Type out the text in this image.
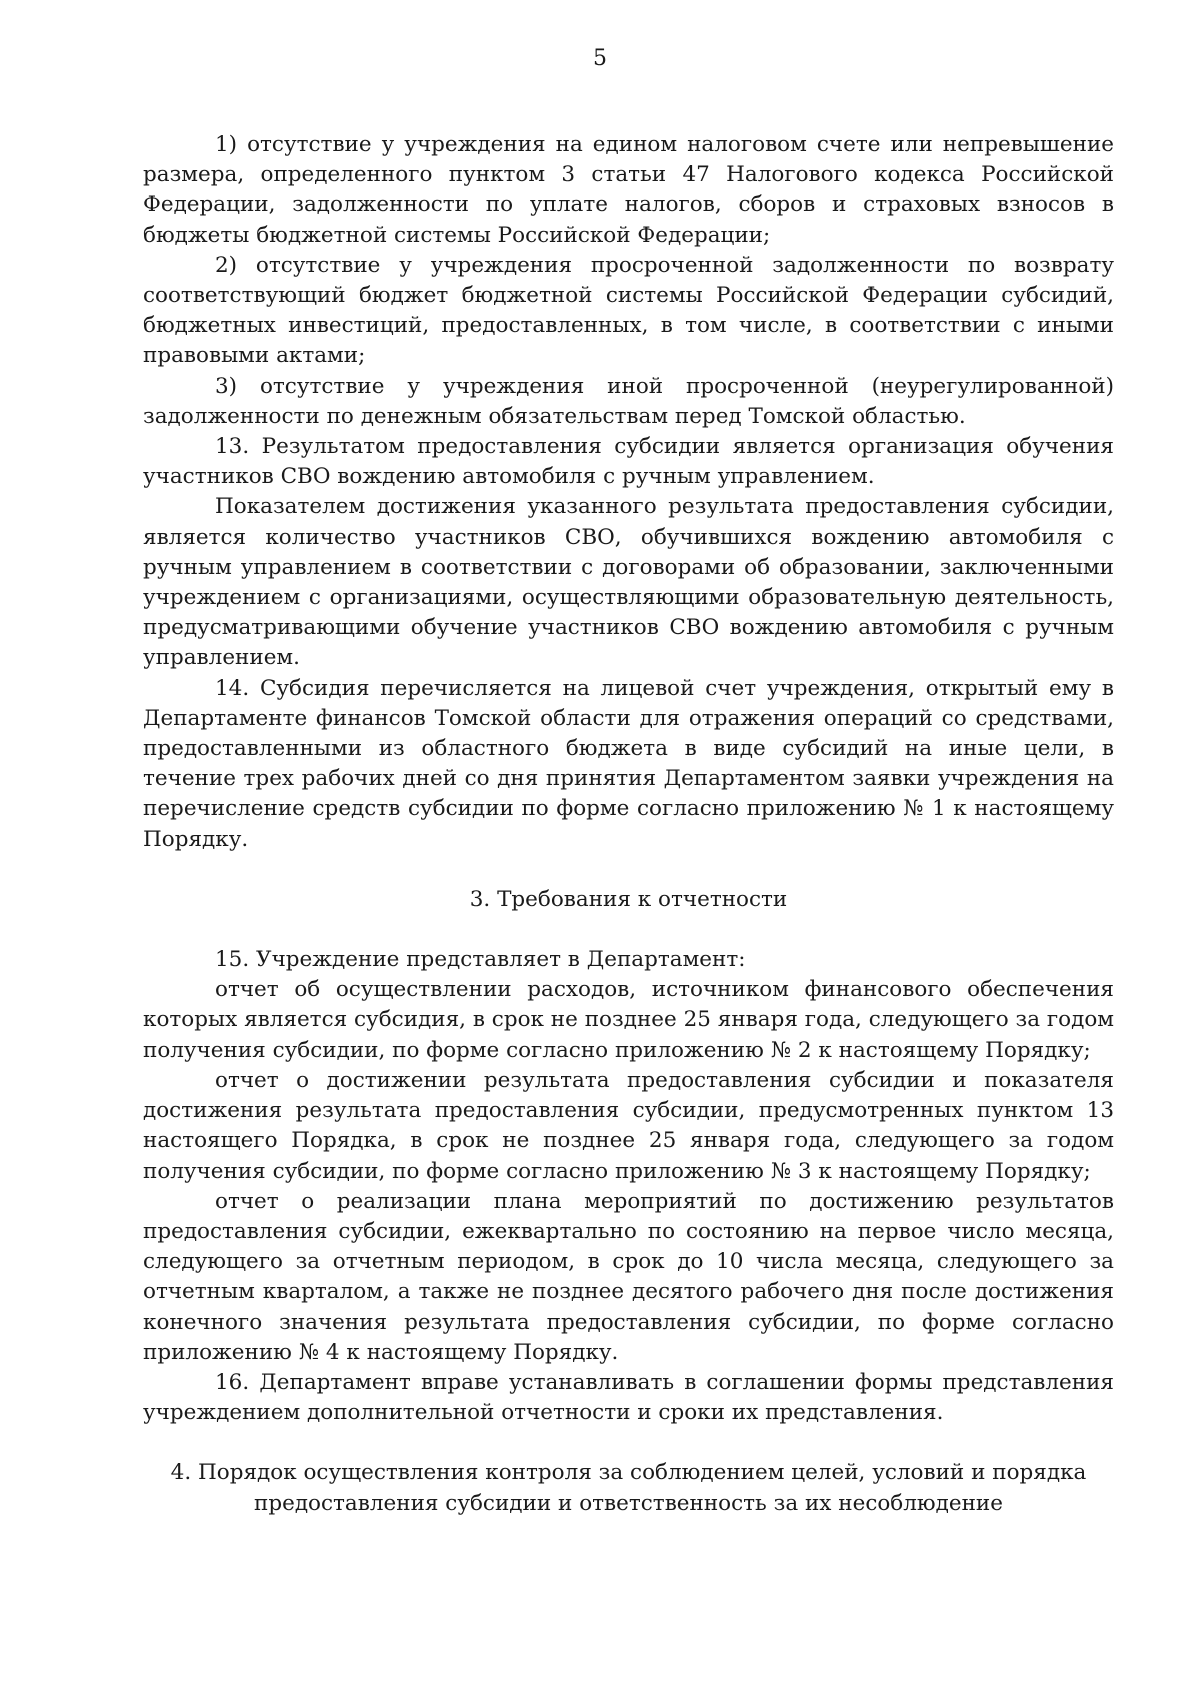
5

1) отсутствие у учреждения на едином налоговом счете или непревышение размера, определенного пунктом 3 статьи 47 Налогового кодекса Российской Федерации, задолженности по уплате налогов, сборов и страховых взносов в бюджеты бюджетной системы Российской Федерации;

2) отсутствие у учреждения просроченной задолженности по возврату соответствующий бюджет бюджетной системы Российской Федерации субсидий, бюджетных инвестиций, предоставленных, в том числе, в соответствии с иными правовыми актами;

3) отсутствие у учреждения иной просроченной (неурегулированной) задолженности по денежным обязательствам перед Томской областью.

13. Результатом предоставления субсидии является организация обучения участников СВО вождению автомобиля с ручным управлением.

Показателем достижения указанного результата предоставления субсидии, является количество участников СВО, обучившихся вождению автомобиля с ручным управлением в соответствии с договорами об образовании, заключенными учреждением с организациями, осуществляющими образовательную деятельность, предусматривающими обучение участников СВО вождению автомобиля с ручным управлением.

14. Субсидия перечисляется на лицевой счет учреждения, открытый ему в Департаменте финансов Томской области для отражения операций со средствами, предоставленными из областного бюджета в виде субсидий на иные цели, в течение трех рабочих дней со дня принятия Департаментом заявки учреждения на перечисление средств субсидии по форме согласно приложению № 1 к настоящему Порядку.

3. Требования к отчетности

15. Учреждение представляет в Департамент:

отчет об осуществлении расходов, источником финансового обеспечения которых является субсидия, в срок не позднее 25 января года, следующего за годом получения субсидии, по форме согласно приложению № 2 к настоящему Порядку;

отчет о достижении результата предоставления субсидии и показателя достижения результата предоставления субсидии, предусмотренных пунктом 13 настоящего Порядка, в срок не позднее 25 января года, следующего за годом получения субсидии, по форме согласно приложению № 3 к настоящему Порядку;

отчет о реализации плана мероприятий по достижению результатов предоставления субсидии, ежеквартально по состоянию на первое число месяца, следующего за отчетным периодом, в срок до 10 числа месяца, следующего за отчетным кварталом, а также не позднее десятого рабочего дня после достижения конечного значения результата предоставления субсидии, по форме согласно приложению № 4 к настоящему Порядку.

16. Департамент вправе устанавливать в соглашении формы представления учреждением дополнительной отчетности и сроки их представления.

4. Порядок осуществления контроля за соблюдением целей, условий и порядка

предоставления субсидии и ответственность за их несоблюдение
